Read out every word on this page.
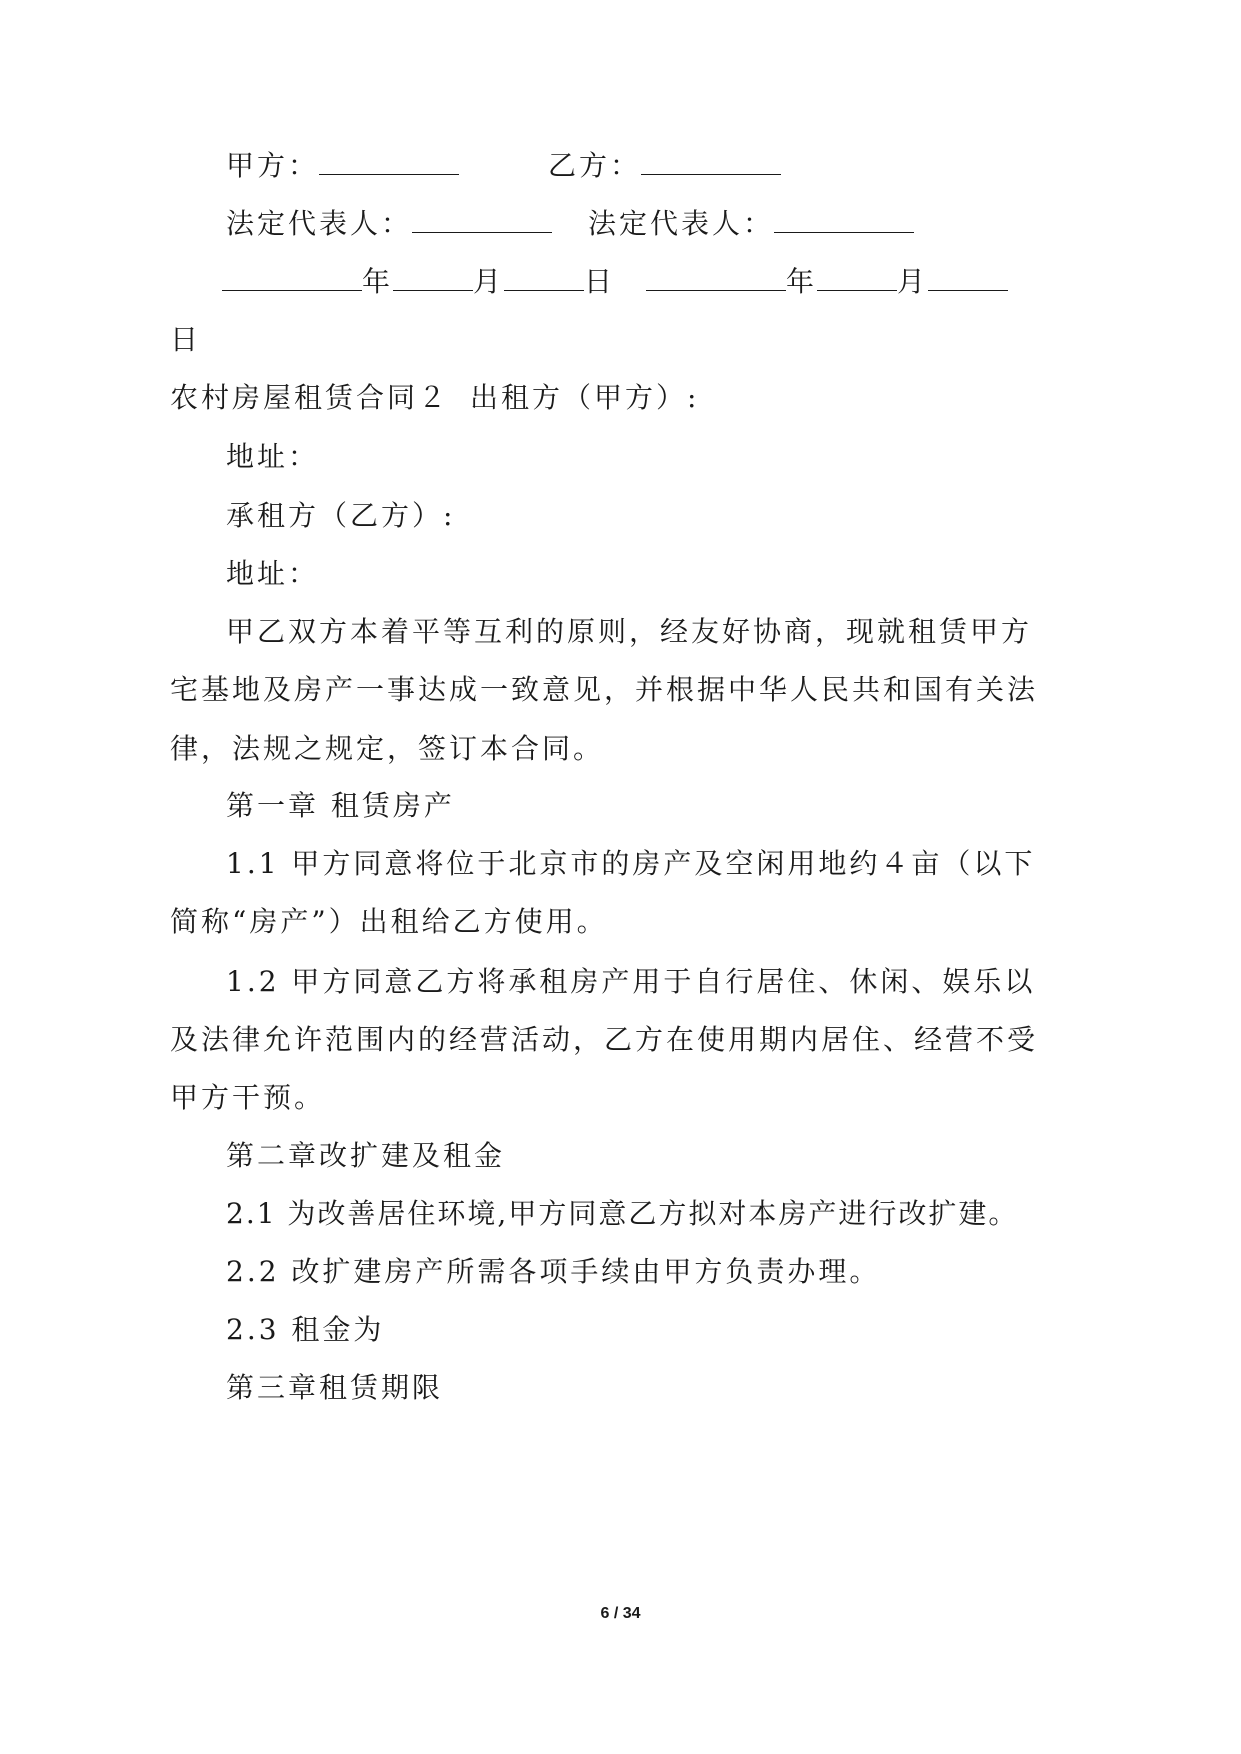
甲方：	乙方：
法定代表人：	法定代表人：
年	月	日	年	月
日
农村房屋租赁合同２ 出租方（甲方）:
地址：
承租方（乙方）:
地址：
甲乙双方本着平等互利的原则，经友好协商，现就租赁甲方
宅基地及房产一事达成一致意见，并根据中华人民共和国有关法
律，法规之规定，签订本合同。
第一章 租赁房产
1.1 甲方同意将位于北京市的房产及空闲用地约４亩（以下
简称“房产”）出租给乙方使用。
1.2 甲方同意乙方将承租房产用于自行居住、休闲、娱乐以
及法律允许范围内的经营活动，乙方在使用期内居住、经营不受
甲方干预。
第二章改扩建及租金
2.1 为改善居住环境,甲方同意乙方拟对本房产进行改扩建。
2.2 改扩建房产所需各项手续由甲方负责办理。
2.3 租金为
第三章租赁期限
6 / 34
